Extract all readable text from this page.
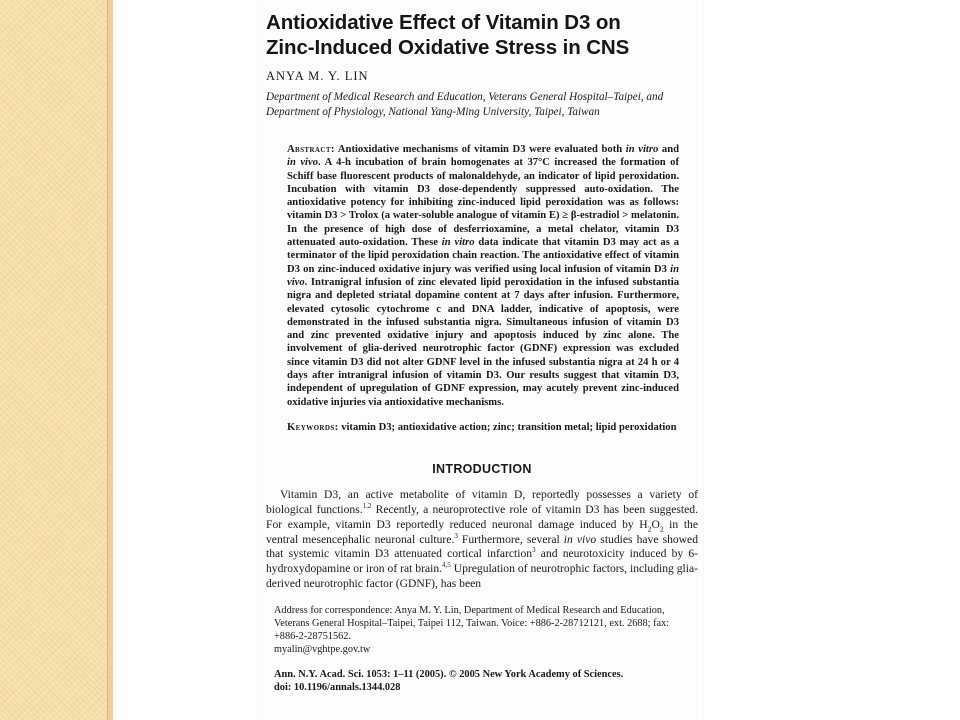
Antioxidative Effect of Vitamin D3 on
Zinc-Induced Oxidative Stress in CNS
ANYA M. Y. LIN
Department of Medical Research and Education, Veterans General Hospital–Taipei, and Department of Physiology, National Yang-Ming University, Taipei, Taiwan
Abstract: Antioxidative mechanisms of vitamin D3 were evaluated both in vitro and in vivo. A 4-h incubation of brain homogenates at 37°C increased the formation of Schiff base fluorescent products of malonaldehyde, an indicator of lipid peroxidation. Incubation with vitamin D3 dose-dependently suppressed auto-oxidation. The antioxidative potency for inhibiting zinc-induced lipid peroxidation was as follows: vitamin D3 > Trolox (a water-soluble analogue of vitamin E) ≥ β-estradiol > melatonin. In the presence of high dose of desferrioxamine, a metal chelator, vitamin D3 attenuated auto-oxidation. These in vitro data indicate that vitamin D3 may act as a terminator of the lipid peroxidation chain reaction. The antioxidative effect of vitamin D3 on zinc-induced oxidative injury was verified using local infusion of vitamin D3 in vivo. Intranigral infusion of zinc elevated lipid peroxidation in the infused substantia nigra and depleted striatal dopamine content at 7 days after infusion. Furthermore, elevated cytosolic cytochrome c and DNA ladder, indicative of apoptosis, were demonstrated in the infused substantia nigra. Simultaneous infusion of vitamin D3 and zinc prevented oxidative injury and apoptosis induced by zinc alone. The involvement of glia-derived neurotrophic factor (GDNF) expression was excluded since vitamin D3 did not alter GDNF level in the infused substantia nigra at 24 h or 4 days after intranigral infusion of vitamin D3. Our results suggest that vitamin D3, independent of upregulation of GDNF expression, may acutely prevent zinc-induced oxidative injuries via antioxidative mechanisms.
Keywords: vitamin D3; antioxidative action; zinc; transition metal; lipid peroxidation
INTRODUCTION
Vitamin D3, an active metabolite of vitamin D, reportedly possesses a variety of biological functions.$^{1,2}$ Recently, a neuroprotective role of vitamin D3 has been suggested. For example, vitamin D3 reportedly reduced neuronal damage induced by $H_2O_2$ in the ventral mesencephalic neuronal culture.$^3$ Furthermore, several in vivo studies have showed that systemic vitamin D3 attenuated cortical infarction$^3$ and neurotoxicity induced by 6-hydroxydopamine or iron of rat brain.$^{4,5}$ Upregulation of neurotrophic factors, including glia-derived neurotrophic factor (GDNF), has been
Address for correspondence: Anya M. Y. Lin, Department of Medical Research and Education, Veterans General Hospital–Taipei, Taipei 112, Taiwan. Voice: +886-2-28712121, ext. 2688; fax: +886-2-28751562.
myalin@vghtpe.gov.tw
Ann. N.Y. Acad. Sci. 1053: 1–11 (2005). © 2005 New York Academy of Sciences.
doi: 10.1196/annals.1344.028
